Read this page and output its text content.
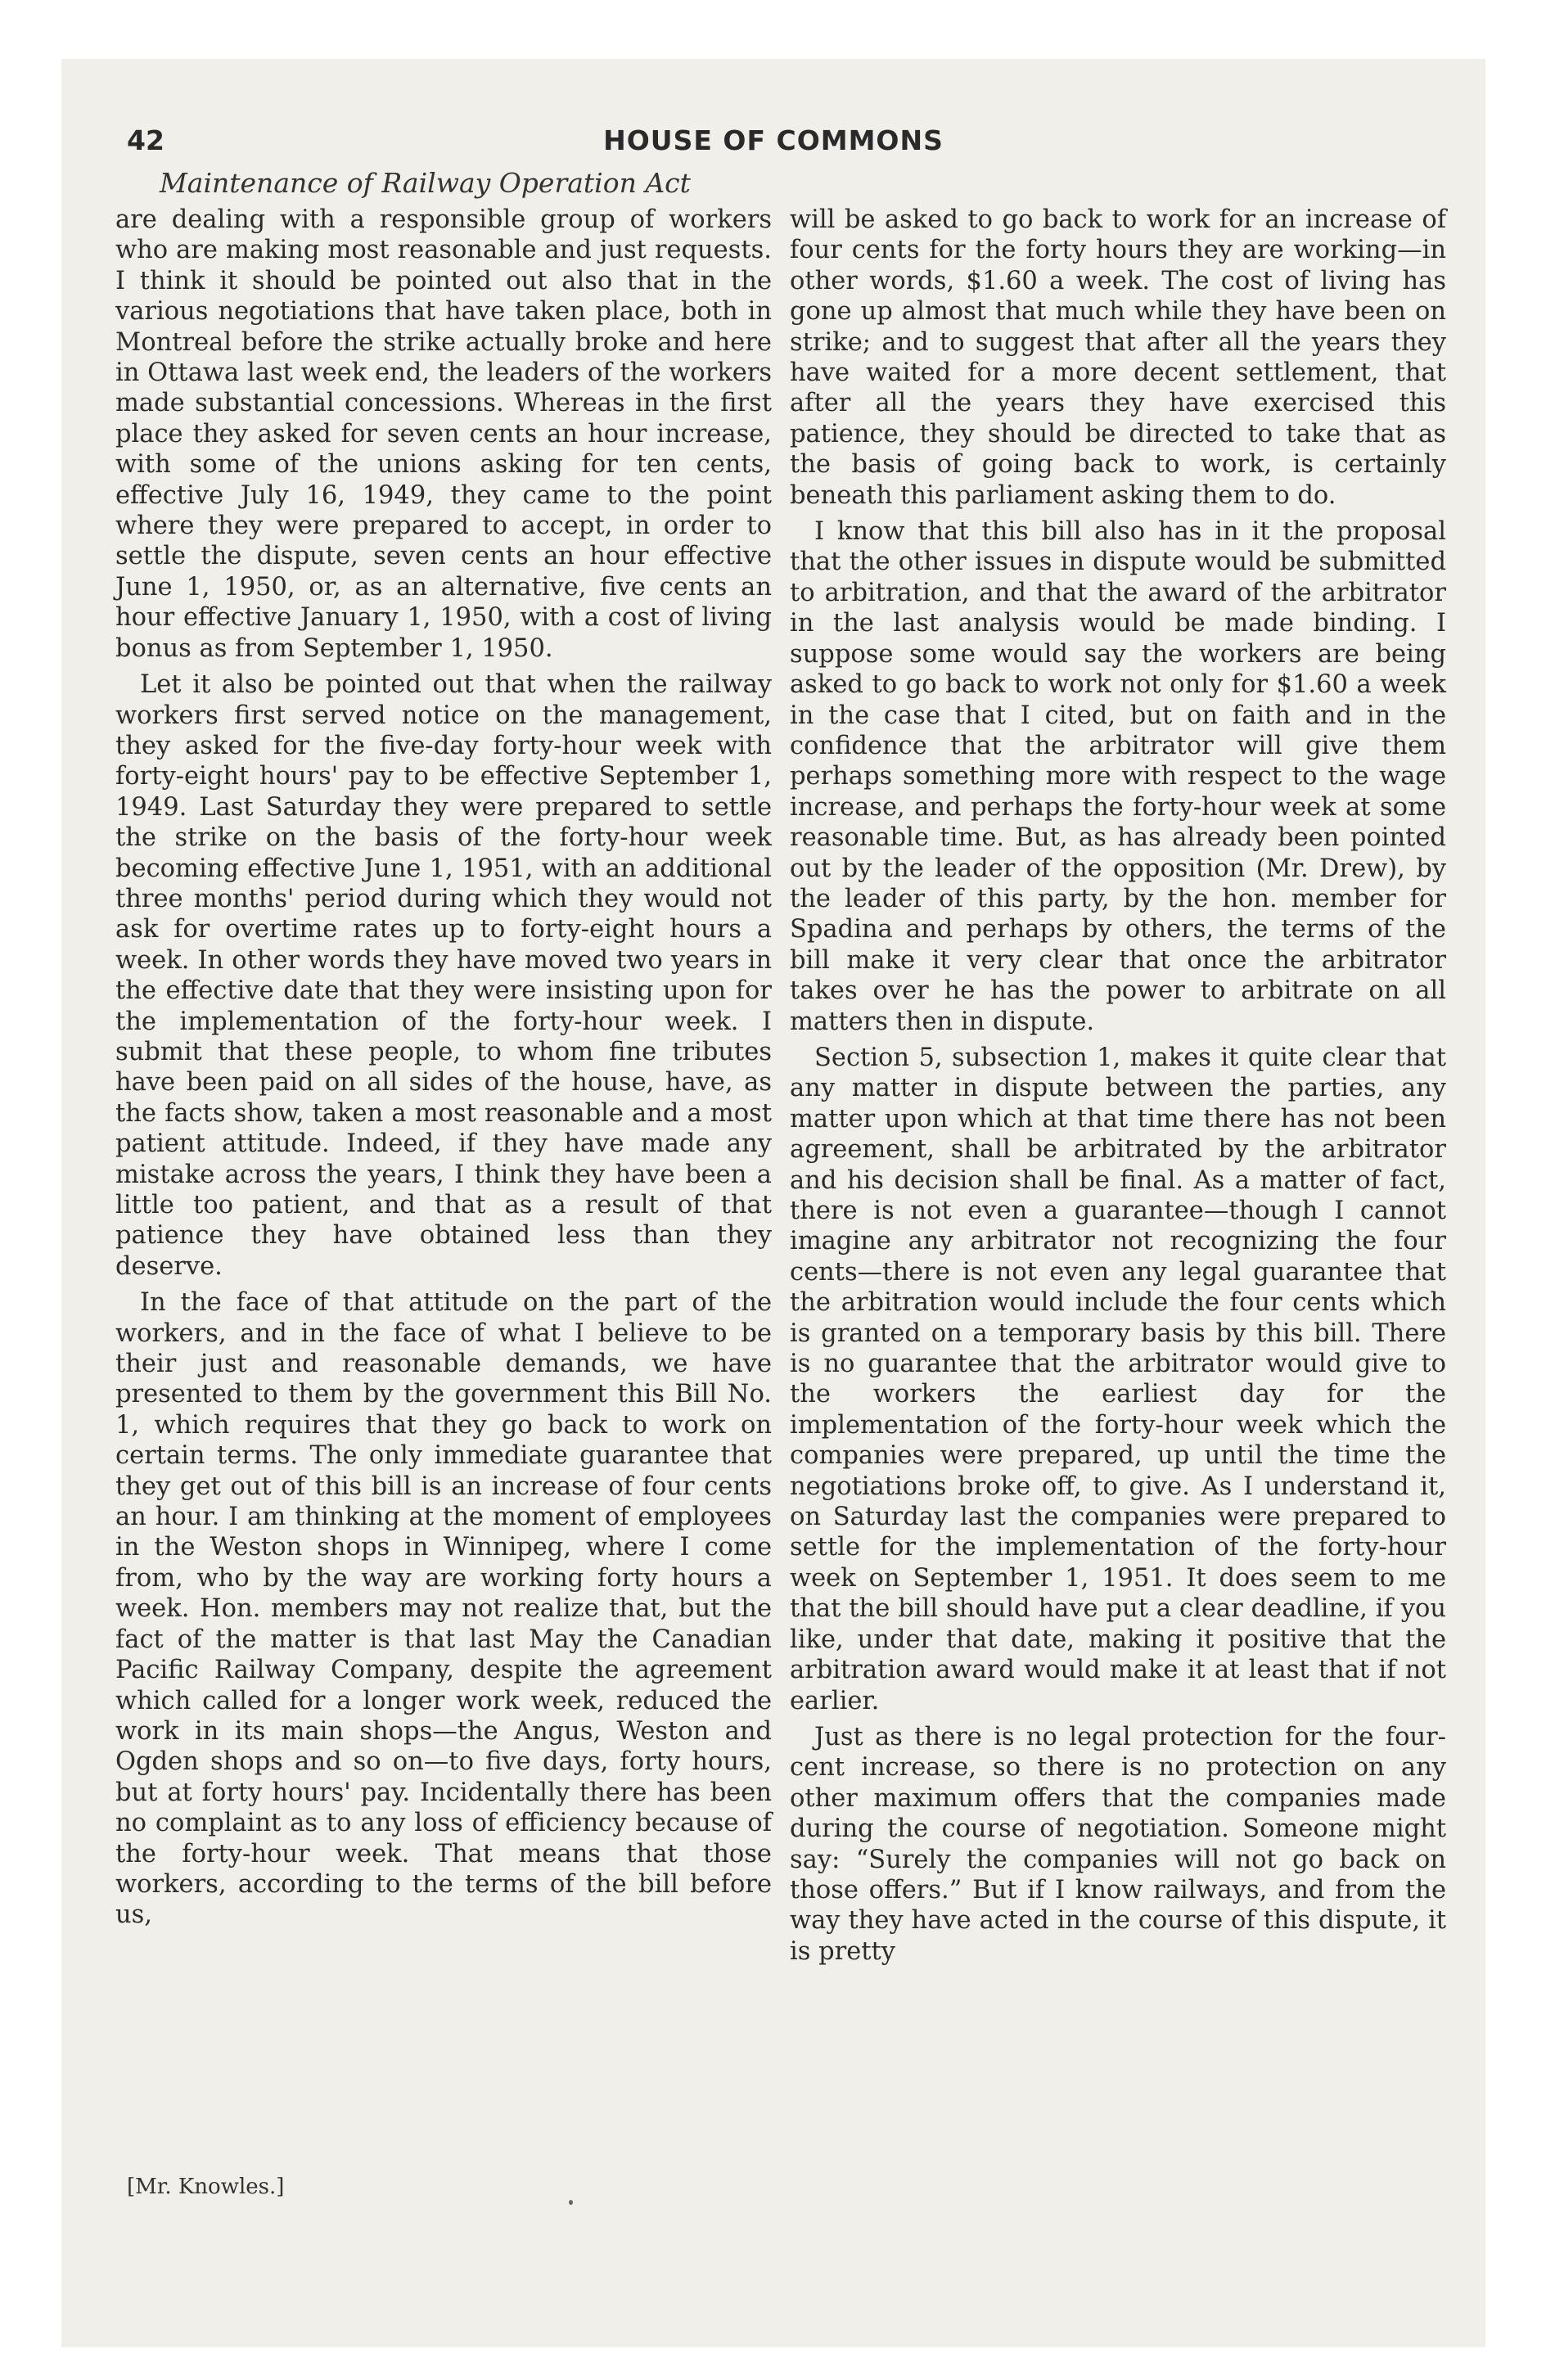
42	HOUSE OF COMMONS
Maintenance of Railway Operation Act

are dealing with a responsible group of workers who are making most reasonable and just requests. I think it should be pointed out also that in the various negotiations that have taken place, both in Montreal before the strike actually broke and here in Ottawa last week end, the leaders of the workers made substantial concessions. Whereas in the first place they asked for seven cents an hour increase, with some of the unions asking for ten cents, effective July 16, 1949, they came to the point where they were prepared to accept, in order to settle the dispute, seven cents an hour effective June 1, 1950, or, as an alternative, five cents an hour effective January 1, 1950, with a cost of living bonus as from September 1, 1950.

Let it also be pointed out that when the railway workers first served notice on the management, they asked for the five-day forty-hour week with forty-eight hours' pay to be effective September 1, 1949. Last Saturday they were prepared to settle the strike on the basis of the forty-hour week becoming effective June 1, 1951, with an additional three months' period during which they would not ask for overtime rates up to forty-eight hours a week. In other words they have moved two years in the effective date that they were insisting upon for the implementation of the forty-hour week. I submit that these people, to whom fine tributes have been paid on all sides of the house, have, as the facts show, taken a most reasonable and a most patient attitude. Indeed, if they have made any mistake across the years, I think they have been a little too patient, and that as a result of that patience they have obtained less than they deserve.

In the face of that attitude on the part of the workers, and in the face of what I believe to be their just and reasonable demands, we have presented to them by the government this Bill No. 1, which requires that they go back to work on certain terms. The only immediate guarantee that they get out of this bill is an increase of four cents an hour. I am thinking at the moment of employees in the Weston shops in Winnipeg, where I come from, who by the way are working forty hours a week. Hon. members may not realize that, but the fact of the matter is that last May the Canadian Pacific Railway Company, despite the agreement which called for a longer work week, reduced the work in its main shops—the Angus, Weston and Ogden shops and so on—to five days, forty hours, but at forty hours' pay. Incidentally there has been no complaint as to any loss of efficiency because of the forty-hour week. That means that those workers, according to the terms of the bill before us,

will be asked to go back to work for an increase of four cents for the forty hours they are working—in other words, $1.60 a week. The cost of living has gone up almost that much while they have been on strike; and to suggest that after all the years they have waited for a more decent settlement, that after all the years they have exercised this patience, they should be directed to take that as the basis of going back to work, is certainly beneath this parliament asking them to do.

I know that this bill also has in it the proposal that the other issues in dispute would be submitted to arbitration, and that the award of the arbitrator in the last analysis would be made binding. I suppose some would say the workers are being asked to go back to work not only for $1.60 a week in the case that I cited, but on faith and in the confidence that the arbitrator will give them perhaps something more with respect to the wage increase, and perhaps the forty-hour week at some reasonable time. But, as has already been pointed out by the leader of the opposition (Mr. Drew), by the leader of this party, by the hon. member for Spadina and perhaps by others, the terms of the bill make it very clear that once the arbitrator takes over he has the power to arbitrate on all matters then in dispute.

Section 5, subsection 1, makes it quite clear that any matter in dispute between the parties, any matter upon which at that time there has not been agreement, shall be arbitrated by the arbitrator and his decision shall be final. As a matter of fact, there is not even a guarantee—though I cannot imagine any arbitrator not recognizing the four cents—there is not even any legal guarantee that the arbitration would include the four cents which is granted on a temporary basis by this bill. There is no guarantee that the arbitrator would give to the workers the earliest day for the implementation of the forty-hour week which the companies were prepared, up until the time the negotiations broke off, to give. As I understand it, on Saturday last the companies were prepared to settle for the implementation of the forty-hour week on September 1, 1951. It does seem to me that the bill should have put a clear deadline, if you like, under that date, making it positive that the arbitration award would make it at least that if not earlier.

Just as there is no legal protection for the four-cent increase, so there is no protection on any other maximum offers that the companies made during the course of negotiation. Someone might say: “Surely the companies will not go back on those offers.” But if I know railways, and from the way they have acted in the course of this dispute, it is pretty

[Mr. Knowles.]
